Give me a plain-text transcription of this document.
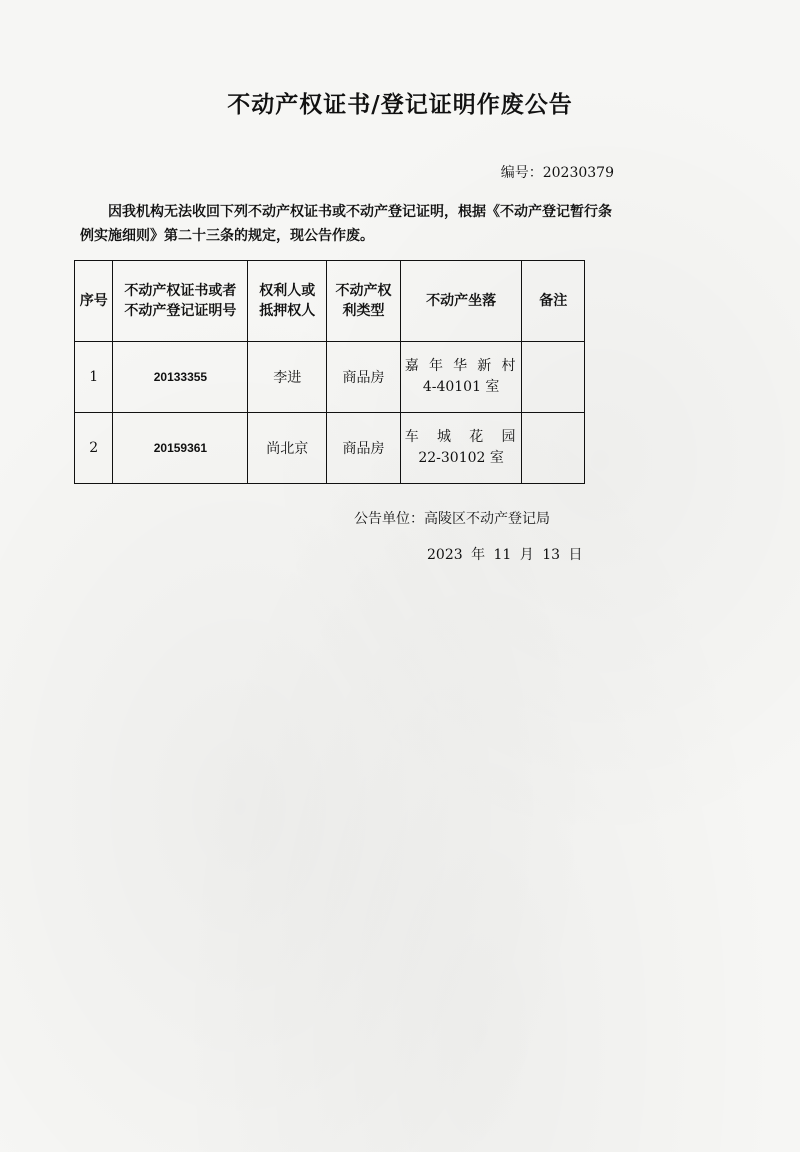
不动产权证书/登记证明作废公告
编号：20230379
因我机构无法收回下列不动产权证书或不动产登记证明，根据《不动产登记暂行条例实施细则》第二十三条的规定，现公告作废。
序号	不动产权证书或者不动产登记证明号	权利人或抵押权人	不动产权利类型	不动产坐落	备注
1	20133355	李进	商品房	嘉年华新村
4-40101 室	

2	20159361	尚北京	商品房	车城花园
22-30102 室	

公告单位：高陵区不动产登记局
2023 年 11 月 13 日
